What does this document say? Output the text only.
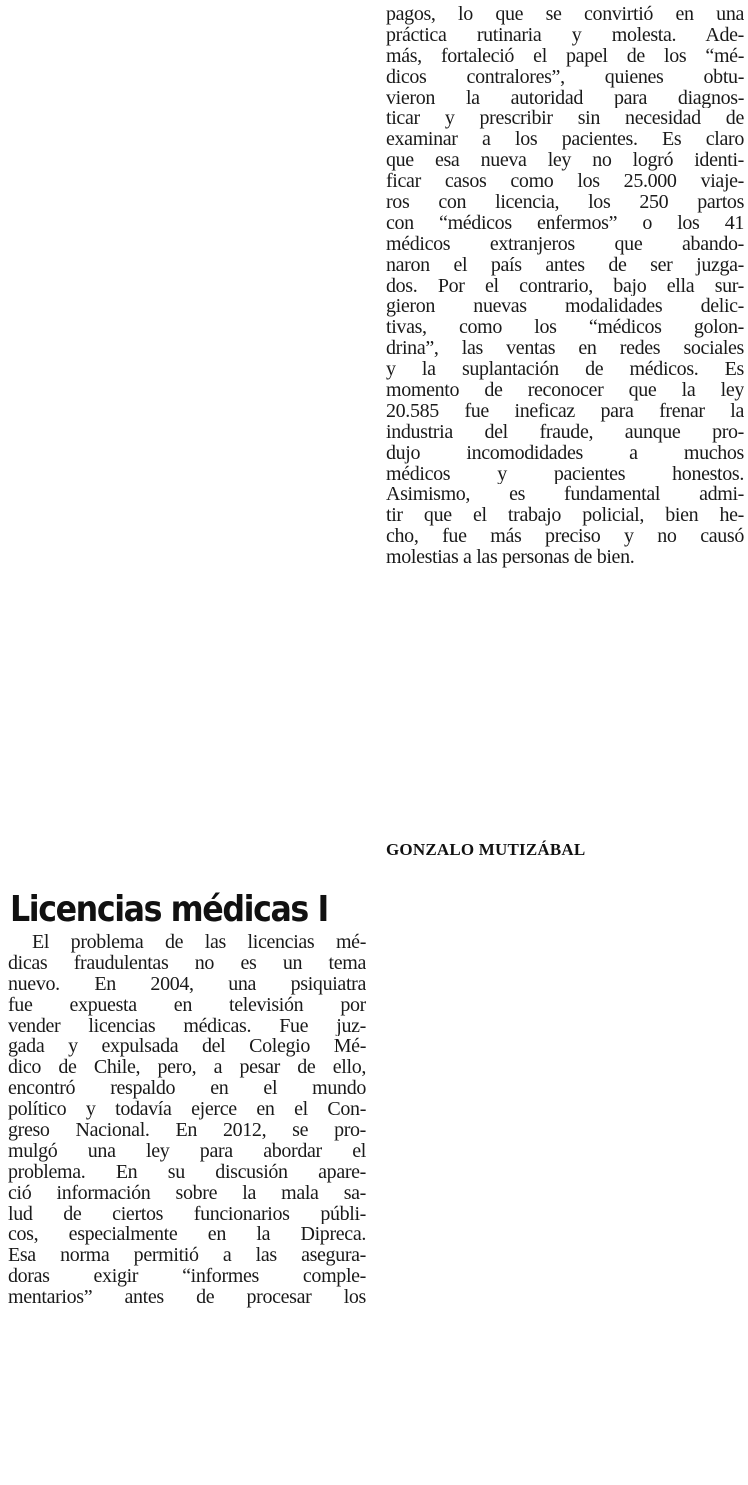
pagos, lo que se convirtió en una
práctica rutinaria y molesta. Ade-
más, fortaleció el papel de los “mé-
dicos contralores”, quienes obtu-
vieron la autoridad para diagnos-
ticar y prescribir sin necesidad de
examinar a los pacientes. Es claro
que esa nueva ley no logró identi-
ficar casos como los 25.000 viaje-
ros con licencia, los 250 partos
con “médicos enfermos” o los 41
médicos extranjeros que abando-
naron el país antes de ser juzga-
dos. Por el contrario, bajo ella sur-
gieron nuevas modalidades delic-
tivas, como los “médicos golon-
drina”, las ventas en redes sociales
y la suplantación de médicos. Es
momento de reconocer que la ley
20.585 fue ineficaz para frenar la
industria del fraude, aunque pro-
dujo incomodidades a muchos
médicos y pacientes honestos.
Asimismo, es fundamental admi-
tir que el trabajo policial, bien he-
cho, fue más preciso y no causó
molestias a las personas de bien.
GONZALO MUTIZÁBAL
Licencias médicas I
El problema de las licencias mé-
dicas fraudulentas no es un tema
nuevo. En 2004, una psiquiatra
fue expuesta en televisión por
vender licencias médicas. Fue juz-
gada y expulsada del Colegio Mé-
dico de Chile, pero, a pesar de ello,
encontró respaldo en el mundo
político y todavía ejerce en el Con-
greso Nacional. En 2012, se pro-
mulgó una ley para abordar el
problema. En su discusión apare-
ció información sobre la mala sa-
lud de ciertos funcionarios públi-
cos, especialmente en la Dipreca.
Esa norma permitió a las asegura-
doras exigir “informes comple-
mentarios” antes de procesar los
